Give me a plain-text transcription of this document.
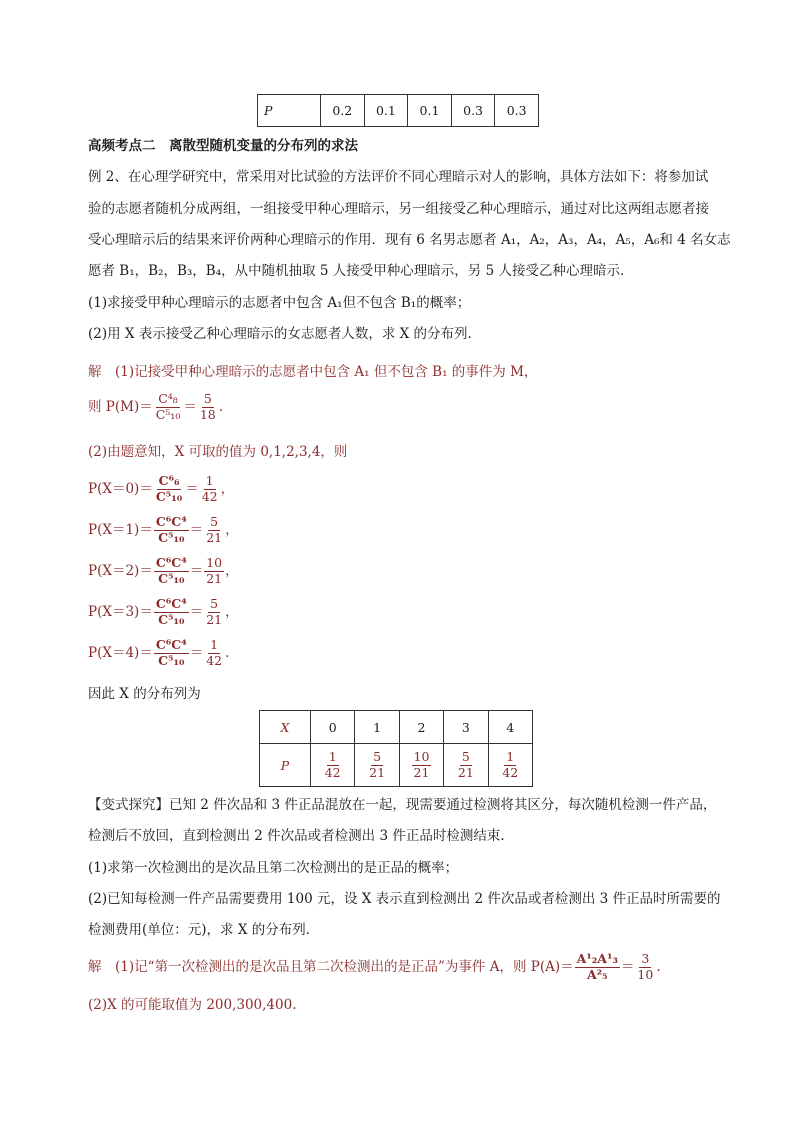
P	0.2	0.1	0.1	0.3	0.3
高频考点二　离散型随机变量的分布列的求法
例 2、在心理学研究中，常采用对比试验的方法评价不同心理暗示对人的影响，具体方法如下：将参加试
验的志愿者随机分成两组，一组接受甲种心理暗示，另一组接受乙种心理暗示，通过对比这两组志愿者接
受心理暗示后的结果来评价两种心理暗示的作用．现有 6 名男志愿者 A₁，A₂，A₃，A₄，A₅，A₆和 4 名女志
愿者 B₁，B₂，B₃，B₄，从中随机抽取 5 人接受甲种心理暗示，另 5 人接受乙种心理暗示．
(1)求接受甲种心理暗示的志愿者中包含 A₁但不包含 B₁的概率；
(2)用 X 表示接受乙种心理暗示的女志愿者人数，求 X 的分布列．
解　(1)记接受甲种心理暗示的志愿者中包含 A₁ 但不包含 B₁ 的事件为 M，
则 $P(M)= \frac{\text{C⁴₈}}{\text{C⁵₁₀}} = \frac{5}{18}$ .
(2)由题意知，X 可取的值为 0,1,2,3,4，则
$P(X=0)= \frac{\text{C⁶₆}}{\text{C⁵₁₀}} = \frac{1}{42}$ ，
$P(X=1)= \frac{\text{C⁶C⁴}}{\text{C⁵₁₀}} = \frac{5}{21}$ ，
$P(X=2)= \frac{\text{C⁶C⁴}}{\text{C⁵₁₀}} = \frac{10}{21}$ ，
$P(X=3)= \frac{\text{C⁶C⁴}}{\text{C⁵₁₀}} = \frac{5}{21}$ ，
$P(X=4)= \frac{\text{C⁶C⁴}}{\text{C⁵₁₀}} = \frac{1}{42}$ .
因此 X 的分布列为
X	0	1	2	3	4
P	$\frac{1}{42}$	$\frac{5}{21}$	$\frac{10}{21}$	$\frac{5}{21}$	$\frac{1}{42}$
【变式探究】已知 2 件次品和 3 件正品混放在一起，现需要通过检测将其区分，每次随机检测一件产品，
检测后不放回，直到检测出 2 件次品或者检测出 3 件正品时检测结束．
(1)求第一次检测出的是次品且第二次检测出的是正品的概率；
(2)已知每检测一件产品需要费用 100 元，设 X 表示直到检测出 2 件次品或者检测出 3 件正品时所需要的
检测费用(单位：元)，求 X 的分布列．
解　(1)记“第一次检测出的是次品且第二次检测出的是正品”为事件 A，则 $P(A)= \frac{\text{A¹₂A¹₃}}{\text{A²₅}} = \frac{3}{10}$ .
(2)X 的可能取值为 200,300,400.
